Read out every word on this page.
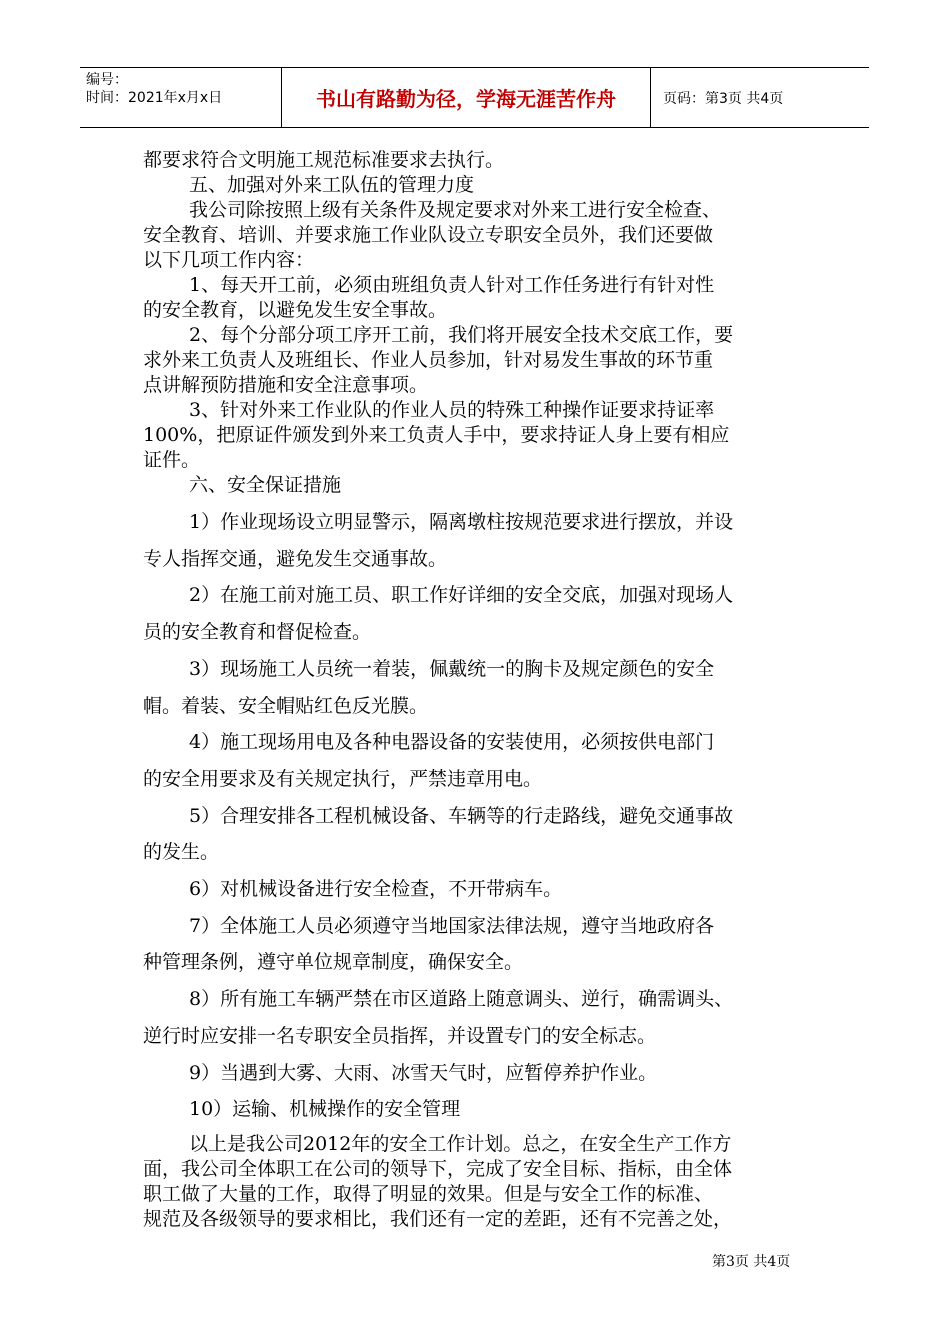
编号：
时间：2021年x月x日	书山有路勤为径，学海无涯苦作舟	页码：第3页 共4页

都要求符合文明施工规范标准要求去执行。

五、加强对外来工队伍的管理力度

我公司除按照上级有关条件及规定要求对外来工进行安全检查、

安全教育、培训、并要求施工作业队设立专职安全员外，我们还要做

以下几项工作内容：

1、每天开工前，必须由班组负责人针对工作任务进行有针对性

的安全教育，以避免发生安全事故。

2、每个分部分项工序开工前，我们将开展安全技术交底工作，要

求外来工负责人及班组长、作业人员参加，针对易发生事故的环节重

点讲解预防措施和安全注意事项。

3、针对外来工作业队的作业人员的特殊工种操作证要求持证率

100%，把原证件颁发到外来工负责人手中，要求持证人身上要有相应

证件。

六、安全保证措施

1）作业现场设立明显警示，隔离墩柱按规范要求进行摆放，并设

专人指挥交通，避免发生交通事故。

2）在施工前对施工员、职工作好详细的安全交底，加强对现场人

员的安全教育和督促检查。

3）现场施工人员统一着装，佩戴统一的胸卡及规定颜色的安全

帽。着装、安全帽贴红色反光膜。

4）施工现场用电及各种电器设备的安装使用，必须按供电部门

的安全用要求及有关规定执行，严禁违章用电。

5）合理安排各工程机械设备、车辆等的行走路线，避免交通事故

的发生。

6）对机械设备进行安全检查，不开带病车。

7）全体施工人员必须遵守当地国家法律法规，遵守当地政府各

种管理条例，遵守单位规章制度，确保安全。

8）所有施工车辆严禁在市区道路上随意调头、逆行，确需调头、

逆行时应安排一名专职安全员指挥，并设置专门的安全标志。

9）当遇到大雾、大雨、冰雪天气时，应暂停养护作业。

10）运输、机械操作的安全管理

以上是我公司2012年的安全工作计划。总之，在安全生产工作方

面，我公司全体职工在公司的领导下，完成了安全目标、指标，由全体

职工做了大量的工作，取得了明显的效果。但是与安全工作的标准、

规范及各级领导的要求相比，我们还有一定的差距，还有不完善之处，

第3页 共4页
